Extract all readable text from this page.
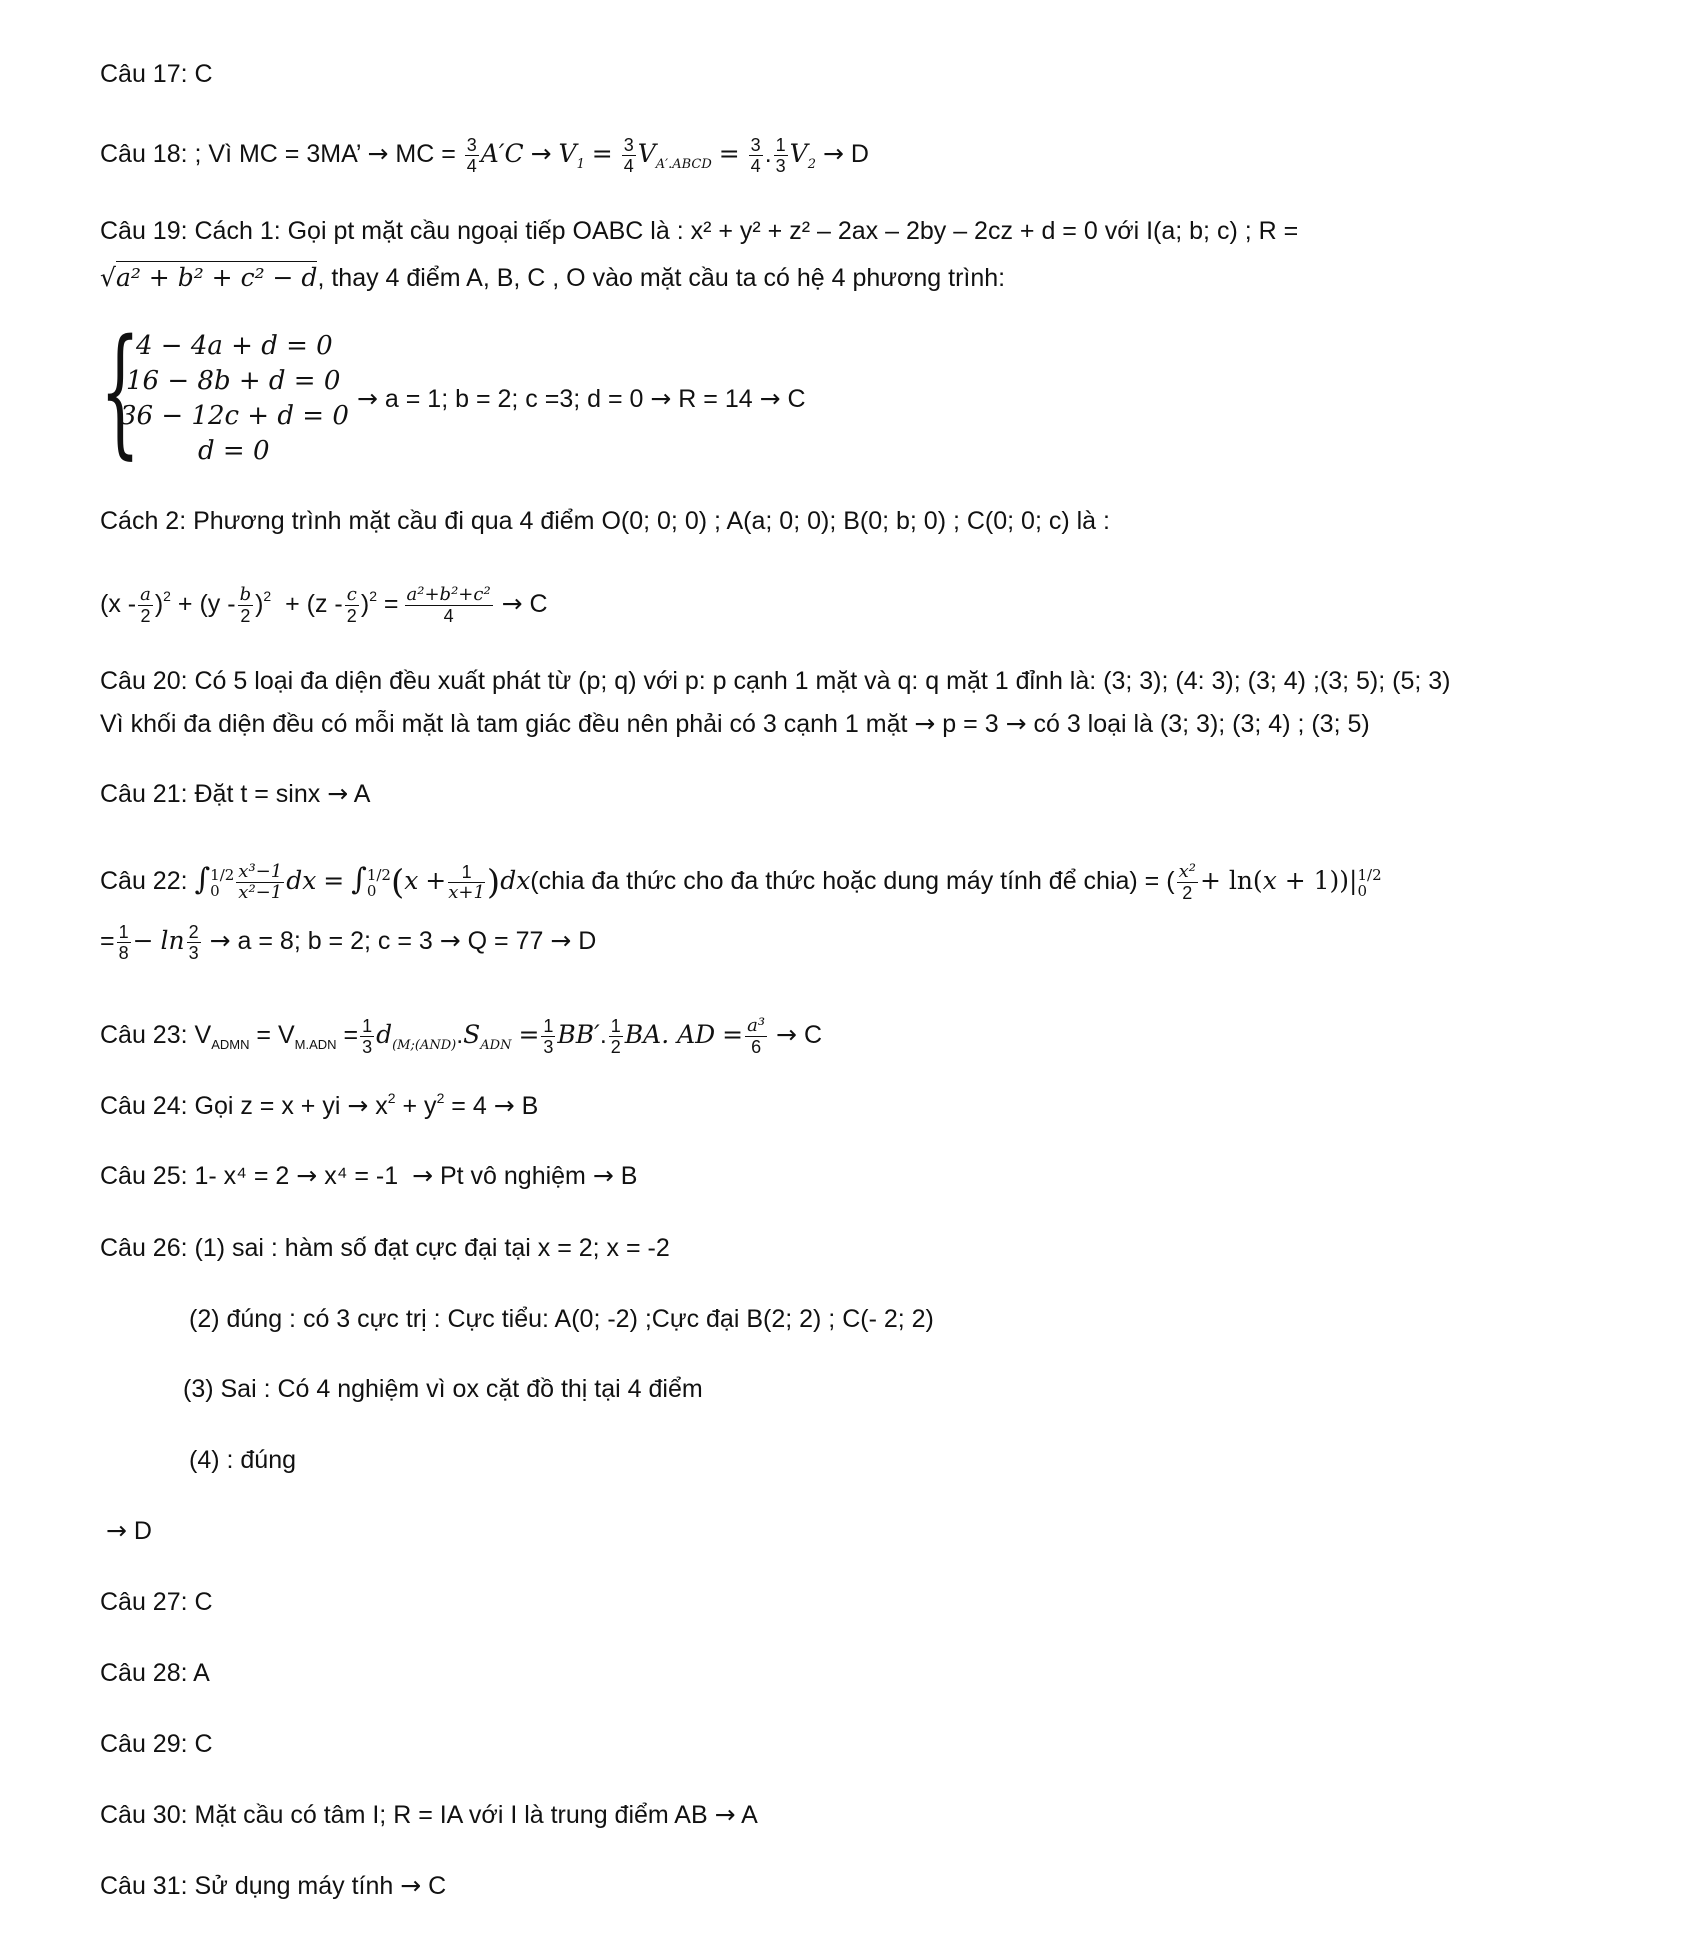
Câu 17: C
Câu 18: ; Vì MC = 3MA’ → MC = $\frac{3}{4} A'C \to V_1 = \frac{3}{4} V_{A'.ABCD} = \frac{3}{4}$ . $\frac{1}{3} V_2 \to D$
Câu 19: Cách 1: Gọi pt mặt cầu ngoại tiếp OABC là : x² + y² + z² – 2ax – 2by – 2cz + d = 0 với I(a; b; c) ; R =
√a² + b² + c² − d, thay 4 điểm A, B, C , O vào mặt cầu ta có hệ 4 phương trình:
{
4 − 4a + d = 0
16 − 8b + d = 0
36 − 12c + d = 0
d = 0
→ a = 1; b = 2; c =3; d = 0 → R = 14 → C
Cách 2: Phương trình mặt cầu đi qua 4 điểm O(0; 0; 0) ; A(a; 0; 0); B(0; b; 0) ; C(0; 0; c) là :
$(x - \frac{a}{2} )^2 + (y - \frac{b}{2} )^2 + (z - \frac{c}{2} )^2 = \frac{\text{a²+b²+c²}}{4} \to C$
Câu 20: Có 5 loại đa diện đều xuất phát từ (p; q) với p: p cạnh 1 mặt và q: q mặt 1 đỉnh là: (3; 3); (4: 3); (3; 4) ;(3; 5); (5; 3)
Vì khối đa diện đều có mỗi mặt là tam giác đều nên phải có 3 cạnh 1 mặt → p = 3 → có 3 loại là (3; 3); (3; 4) ; (3; 5)
Câu 21: Đặt t = sinx → A
Câu 22: ∫ 1/2
$0 \frac{\text{x³−1}}{\text{x²−1}}$ dx = ∫ 1/2
0 ($x + \frac{1}{x+1}$ )dx(chia đa thức cho đa thức hoặc dung máy tính để chia) = ( $\frac{\text{x²}}{2} + \ln(x + 1))|$ 1/2
0
= $\frac{1}{8} - \ln \frac{2}{3} \to a = 8$; b = 2; c = 3 → Q = 77 → D
Câu 23: $V_{ADMN} = V_{M.ADN} = \frac{1}{3} d_{(M;(AND)}.S_{ADN} = \frac{1}{3} BB'$. $\frac{1}{2}$ BA. AD = $\frac{\text{a³}}{6} \to C$
Câu 24: Gọi z = x + yi → $x^2 + y^2 = 4 \to B$
Câu 25: 1- x⁴ = 2 → x⁴ = -1 → Pt vô nghiệm → B
Câu 26: (1) sai : hàm số đạt cực đại tại x = 2; x = -2
(2) đúng : có 3 cực trị : Cực tiểu: A(0; -2) ;Cực đại B(2; 2) ; C(- 2; 2)
(3) Sai : Có 4 nghiệm vì ox cặt đồ thị tại 4 điểm
(4) : đúng
→ D
Câu 27: C
Câu 28: A
Câu 29: C
Câu 30: Mặt cầu có tâm I; R = IA với I là trung điểm AB → A
Câu 31: Sử dụng máy tính → C
